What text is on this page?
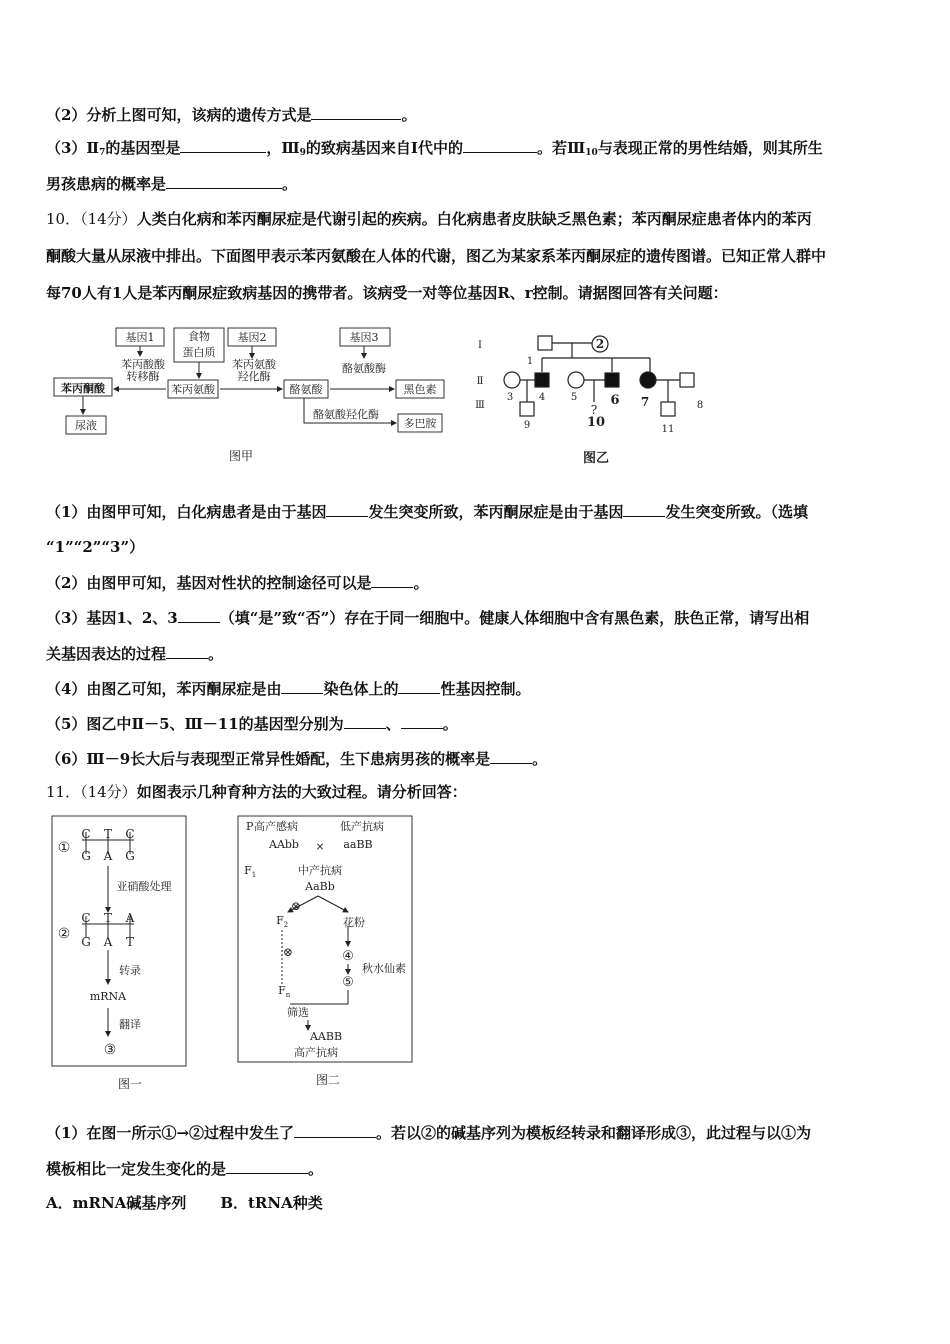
（2）分析上图可知，该病的遗传方式是	。
$(3)Ⅱ_7$的基因型是	，$Ⅲ_9$的致病基因来自Ⅰ代中的	。若$Ⅲ_{10}$与表现正常的男性结婚，则其所生
男孩患病的概率是	。
10．（14分）人类白化病和苯丙酮尿症是代谢引起的疾病。白化病患者皮肤缺乏黑色素；苯丙酮尿症患者体内的苯丙
酮酸大量从尿液中排出。下面图甲表示苯丙氨酸在人体的代谢，图乙为某家系苯丙酮尿症的遗传图谱。已知正常人群中
每70人有1人是苯丙酮尿症致病基因的携带者。该病受一对等位基因R、r控制。请据图回答有关问题：
基因1	食物
蛋白质
基因2	基因3
苯丙酸酸
转移酶
苯丙氨酸
羟化酶
酪氨酸酶
酪氨酸羟化酶
苯丙酮酸
尿液
苯丙氨酸	酪氨酸	黑色素
多巴胺
图甲
?
Ⅰ
Ⅱ
Ⅲ
1
2
3	4	5	6 7	8
9	10	11
图乙
（1）由图甲可知，白化病患者是由于基因	发生突变所致，苯丙酮尿症是由于基因	发生突变所致。（选填
“1”“2”“3”）
（2）由图甲可知，基因对性状的控制途径可以是	。
（3）基因1、2、3	（填“是”致“否”）存在于同一细胞中。健康人体细胞中含有黑色素，肤色正常，请写出相
关基因表达的过程	。
（4）由图乙可知，苯丙酮尿症是由	染色体上的	性基因控制。
（5）图乙中Ⅱ－5、Ⅲ－11的基因型分别为	、	。
（6）Ⅲ－9长大后与表现型正常异性婚配，生下患病男孩的概率是	。
11．（14分）如图表示几种育种方法的大致过程。请分析回答：
①
C T C
G A G
亚硝酸处理
②
C T A
G A T
转录
mRNA
翻译
③
图一
P 高产感病	低产抗病
AAbb × aaBB
F 1	中产抗病
AaBb
⊗
F 2	花粉
④
秋水仙素
⊗
⑤
F n
筛选
AABB
高产抗病
图二
（1）在图一所示①→②过程中发生了	。若以②的碱基序列为模板经转录和翻译形成③，此过程与以①为
模板相比一定发生变化的是	。
A．mRNA碱基序列 B．tRNA种类
